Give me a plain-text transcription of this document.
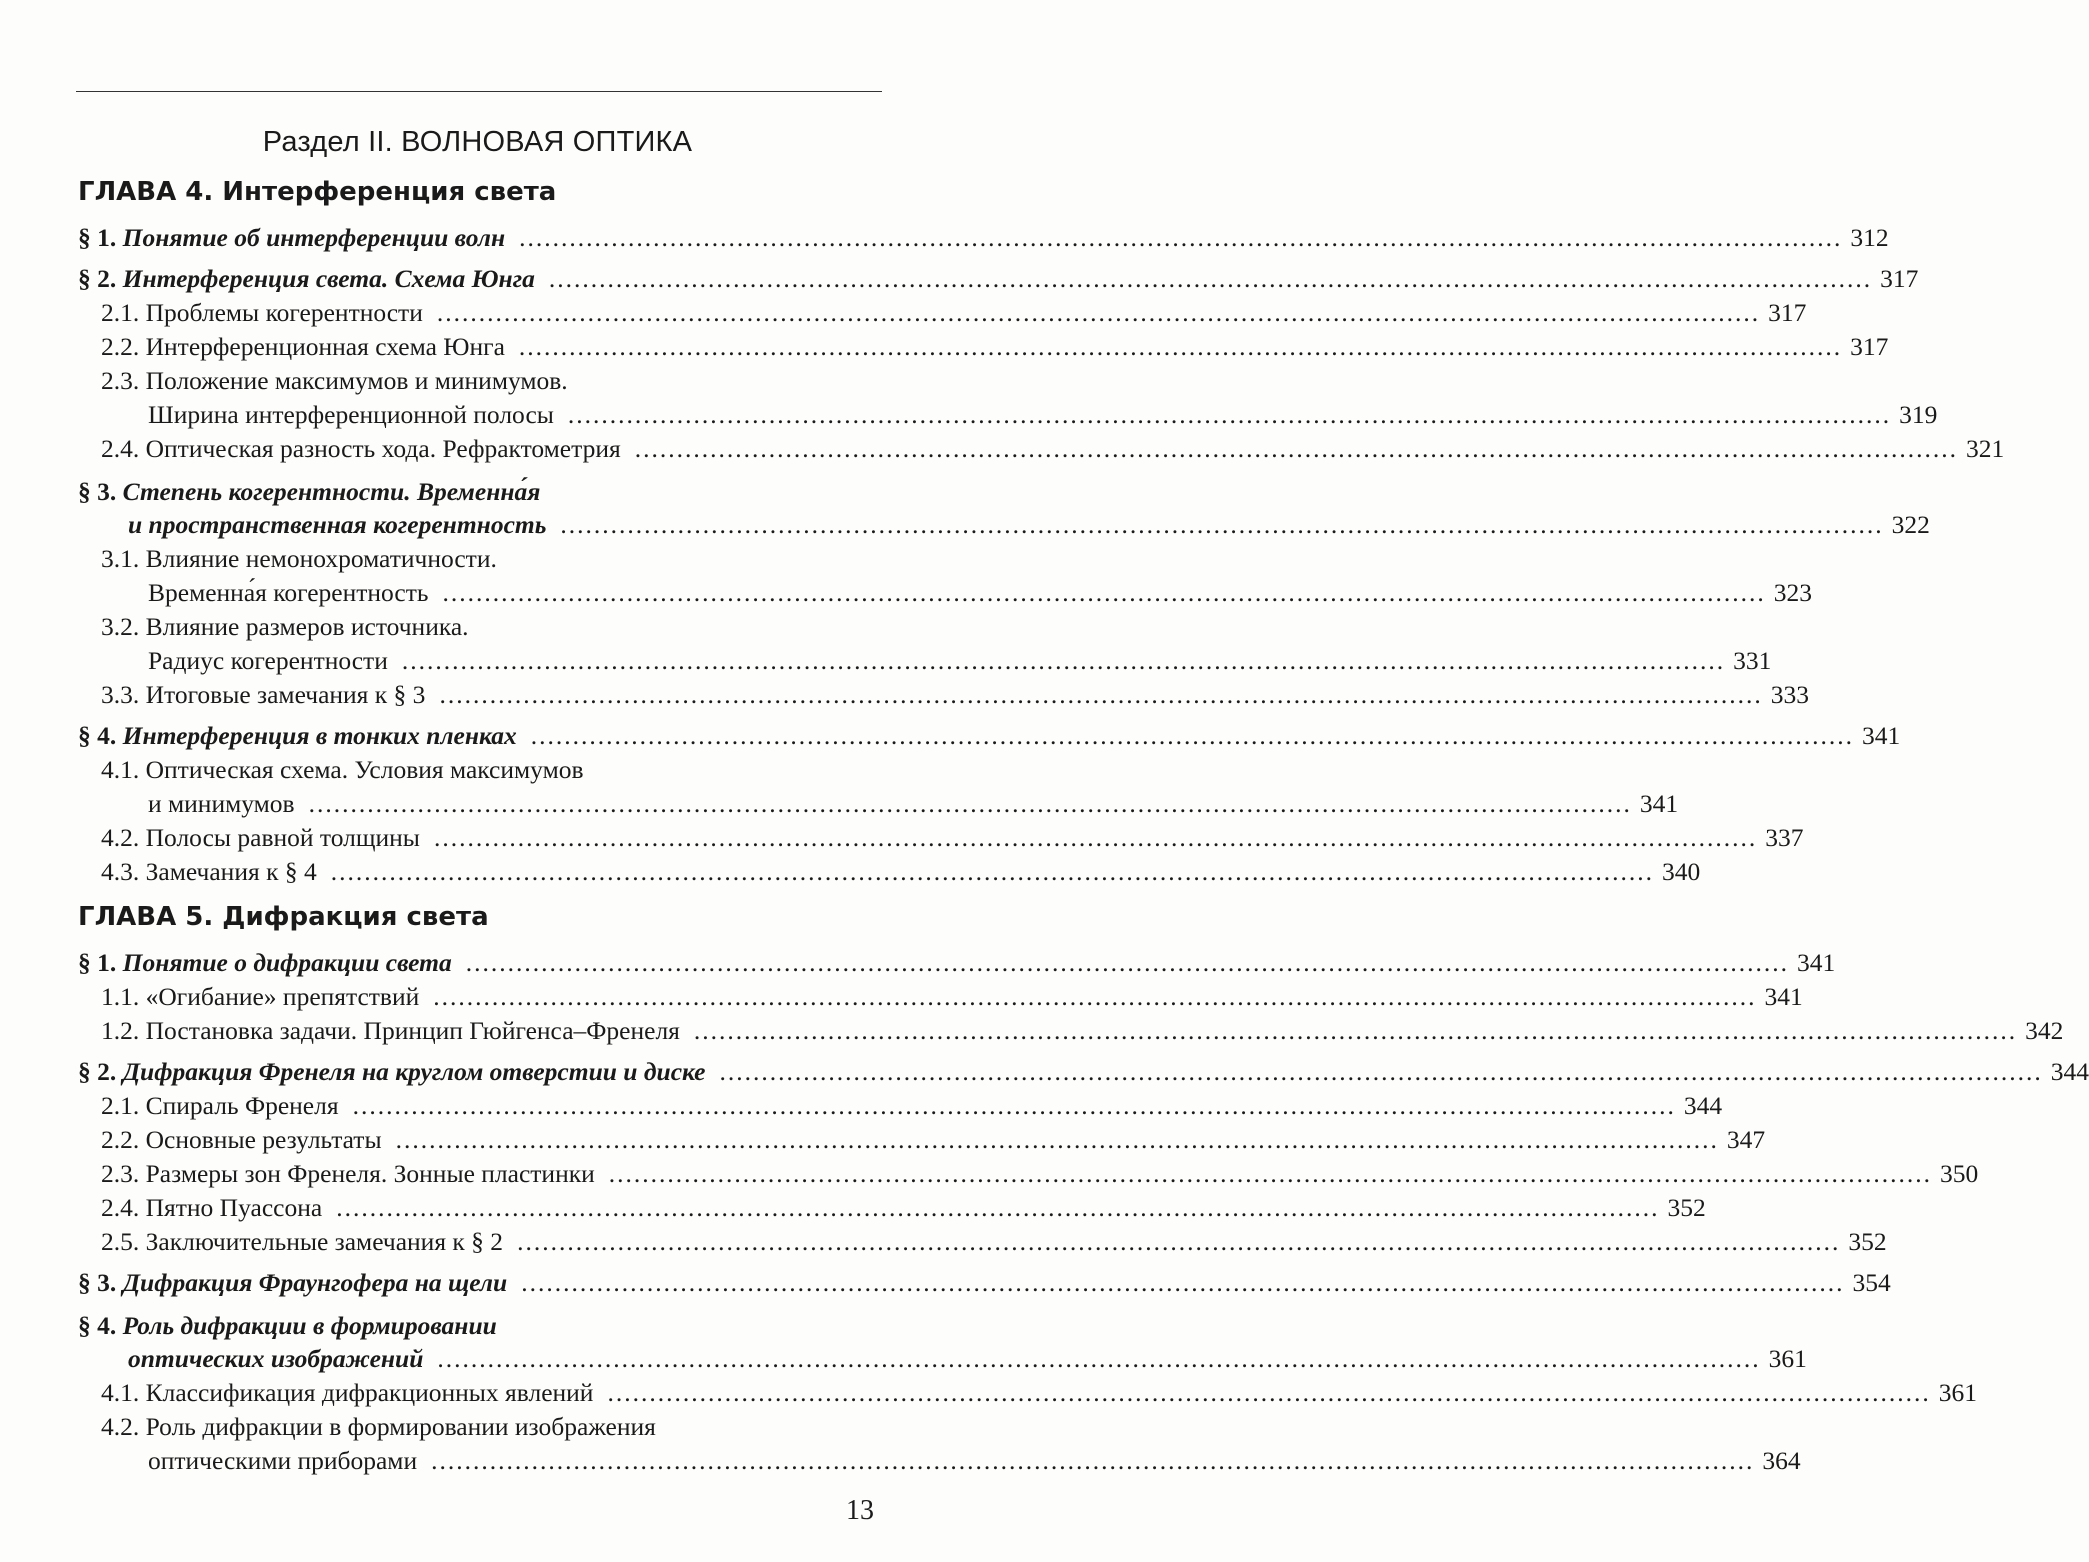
Раздел II. ВОЛНОВАЯ ОПТИКА
ГЛАВА 4. Интерференция света
§ 1. Понятие об интерференции волн .....	312
§ 2. Интерференция света. Схема Юнга .....	317
2.1. Проблемы когерентности .....	317
2.2. Интерференционная схема Юнга .....	317
2.3. Положение максимумов и минимумов.
Ширина интерференционной полосы .....	319
2.4. Оптическая разность хода. Рефрактометрия .....	321
§ 3. Степень когерентности. Временна́я
и пространственная когерентность .....	322
3.1. Влияние немонохроматичности.
Временна́я когерентность .....	323
3.2. Влияние размеров источника.
Радиус когерентности .....	331
3.3. Итоговые замечания к § 3 .....	333
§ 4. Интерференция в тонких пленках .....	341
4.1. Оптическая схема. Условия максимумов
и минимумов .....	341
4.2. Полосы равной толщины .....	337
4.3. Замечания к § 4 .....	340
ГЛАВА 5. Дифракция света
§ 1. Понятие о дифракции света .....	341
1.1. «Огибание» препятствий .....	341
1.2. Постановка задачи. Принцип Гюйгенса–Френеля .....	342
§ 2. Дифракция Френеля на круглом отверстии и диске .....	344
2.1. Спираль Френеля .....	344
2.2. Основные результаты .....	347
2.3. Размеры зон Френеля. Зонные пластинки .....	350
2.4. Пятно Пуассона .....	352
2.5. Заключительные замечания к § 2 .....	352
§ 3. Дифракция Фраунгофера на щели .....	354
§ 4. Роль дифракции в формировании
оптических изображений .....	361
4.1. Классификация дифракционных явлений .....	361
4.2. Роль дифракции в формировании изображения
оптическими приборами .....	364
13
